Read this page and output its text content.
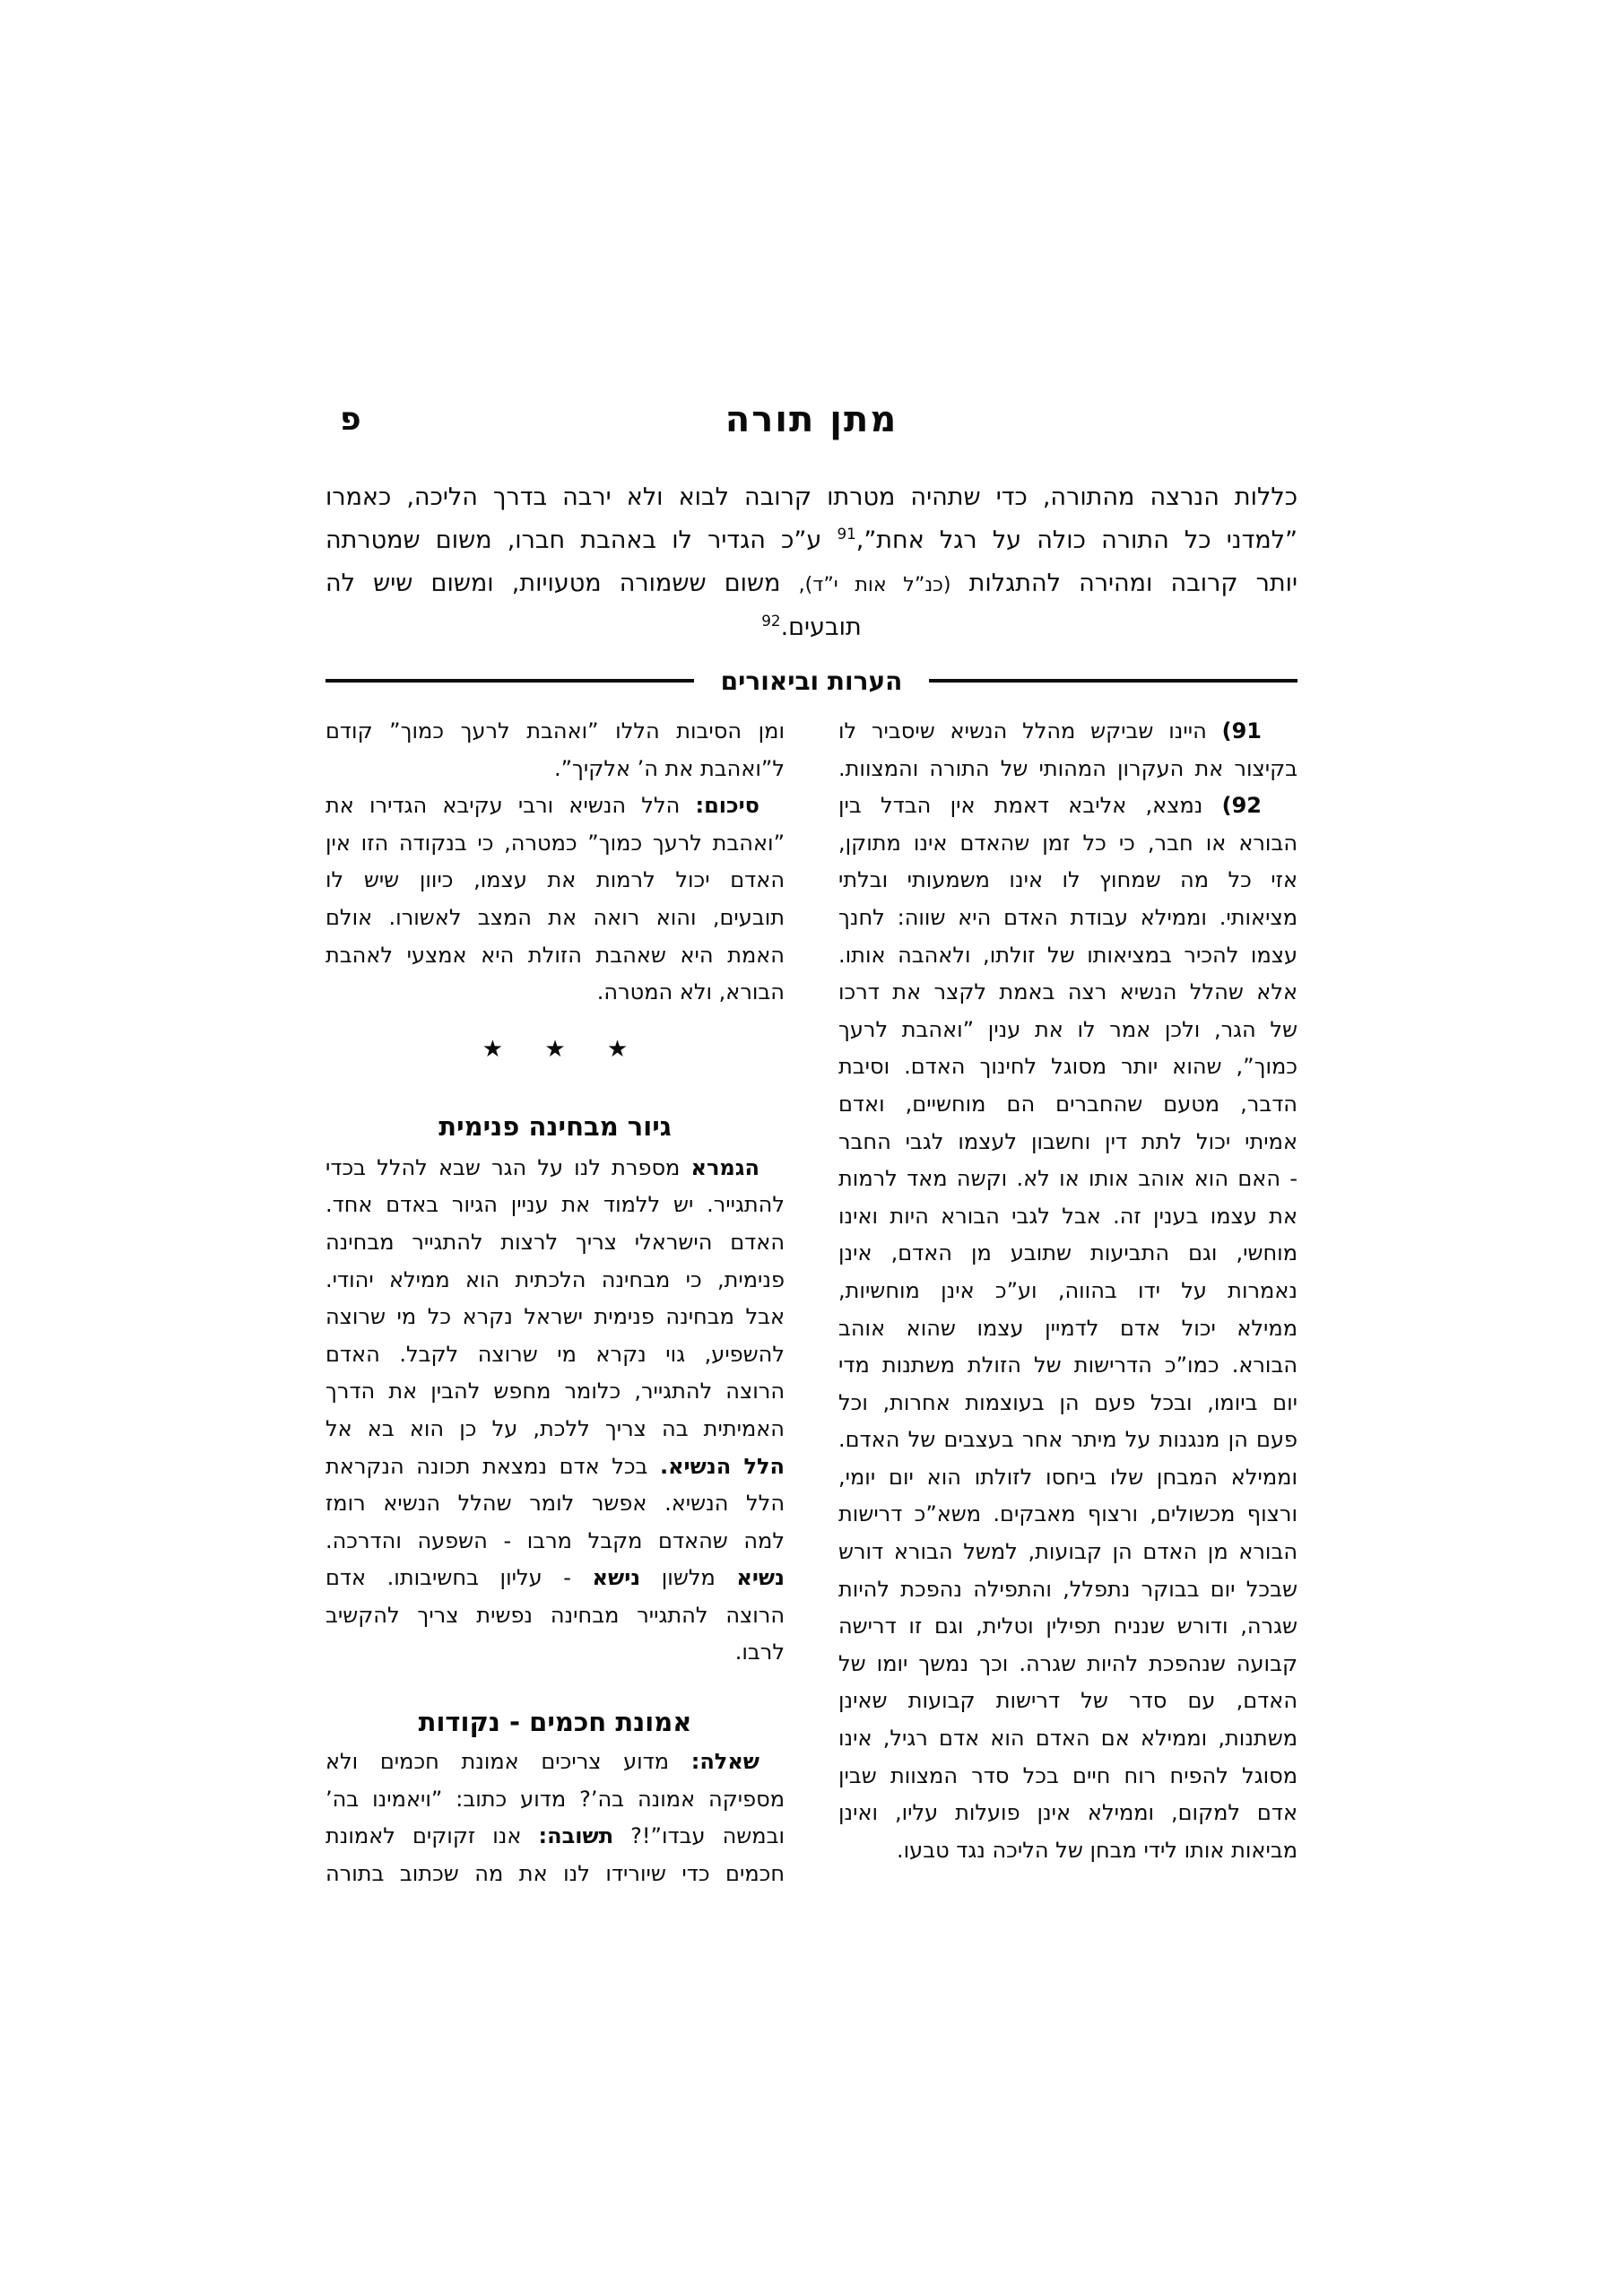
מתן תורה
פ
כללות הנרצה מהתורה, כדי שתהיה מטרתו קרובה לבוא ולא ירבה בדרך הליכה, כאמרו
”למדני כל התורה כולה על רגל אחת”,$^{91}$ ע”כ הגדיר לו באהבת חברו, משום שמטרתה
יותר קרובה ומהירה להתגלות (כנ”ל אות י”ד), משום ששמורה מטעויות, ומשום שיש לה
תובעים.$^{92}$
הערות וביאורים
91) היינו שביקש מהלל הנשיא שיסביר לו
בקיצור את העקרון המהותי של התורה והמצוות.
92) נמצא, אליבא דאמת אין הבדל בין
הבורא או חבר, כי כל זמן שהאדם אינו מתוקן,
אזי כל מה שמחוץ לו אינו משמעותי ובלתי
מציאותי. וממילא עבודת האדם היא שווה: לחנך
עצמו להכיר במציאותו של זולתו, ולאהבה אותו.
אלא שהלל הנשיא רצה באמת לקצר את דרכו
של הגר, ולכן אמר לו את ענין ”ואהבת לרעך
כמוך”, שהוא יותר מסוגל לחינוך האדם. וסיבת
הדבר, מטעם שהחברים הם מוחשיים, ואדם
אמיתי יכול לתת דין וחשבון לעצמו לגבי החבר
- האם הוא אוהב אותו או לא. וקשה מאד לרמות
את עצמו בענין זה. אבל לגבי הבורא היות ואינו
מוחשי, וגם התביעות שתובע מן האדם, אינן
נאמרות על ידו בהווה, וע”כ אינן מוחשיות,
ממילא יכול אדם לדמיין עצמו שהוא אוהב
הבורא. כמו”כ הדרישות של הזולת משתנות מדי
יום ביומו, ובכל פעם הן בעוצמות אחרות, וכל
פעם הן מנגנות על מיתר אחר בעצבים של האדם.
וממילא המבחן שלו ביחסו לזולתו הוא יום יומי,
ורצוף מכשולים, ורצוף מאבקים. משא”כ דרישות
הבורא מן האדם הן קבועות, למשל הבורא דורש
שבכל יום בבוקר נתפלל, והתפילה נהפכת להיות
שגרה, ודורש שנניח תפילין וטלית, וגם זו דרישה
קבועה שנהפכת להיות שגרה. וכך נמשך יומו של
האדם, עם סדר של דרישות קבועות שאינן
משתנות, וממילא אם האדם הוא אדם רגיל, אינו
מסוגל להפיח רוח חיים בכל סדר המצוות שבין
אדם למקום, וממילא אינן פועלות עליו, ואינן
מביאות אותו לידי מבחן של הליכה נגד טבעו.
ומן הסיבות הללו ”ואהבת לרעך כמוך” קודם
ל”ואהבת את ה’ אלקיך”.
סיכום: הלל הנשיא ורבי עקיבא הגדירו את
”ואהבת לרעך כמוך” כמטרה, כי בנקודה הזו אין
האדם יכול לרמות את עצמו, כיוון שיש לו
תובעים, והוא רואה את המצב לאשורו. אולם
האמת היא שאהבת הזולת היא אמצעי לאהבת
הבורא, ולא המטרה.
★ ★ ★
גיור מבחינה פנימית
הגמרא מספרת לנו על הגר שבא להלל בכדי
להתגייר. יש ללמוד את עניין הגיור באדם אחד.
האדם הישראלי צריך לרצות להתגייר מבחינה
פנימית, כי מבחינה הלכתית הוא ממילא יהודי.
אבל מבחינה פנימית ישראל נקרא כל מי שרוצה
להשפיע, גוי נקרא מי שרוצה לקבל. האדם
הרוצה להתגייר, כלומר מחפש להבין את הדרך
האמיתית בה צריך ללכת, על כן הוא בא אל
הלל הנשיא. בכל אדם נמצאת תכונה הנקראת
הלל הנשיא. אפשר לומר שהלל הנשיא רומז
למה שהאדם מקבל מרבו - השפעה והדרכה.
נשיא מלשון נישא - עליון בחשיבותו. אדם
הרוצה להתגייר מבחינה נפשית צריך להקשיב
לרבו.
אמונת חכמים - נקודות
שאלה: מדוע צריכים אמונת חכמים ולא
מספיקה אמונה בה’? מדוע כתוב: ”ויאמינו בה’
ובמשה עבדו”!? תשובה: אנו זקוקים לאמונת
חכמים כדי שיורידו לנו את מה שכתוב בתורה
